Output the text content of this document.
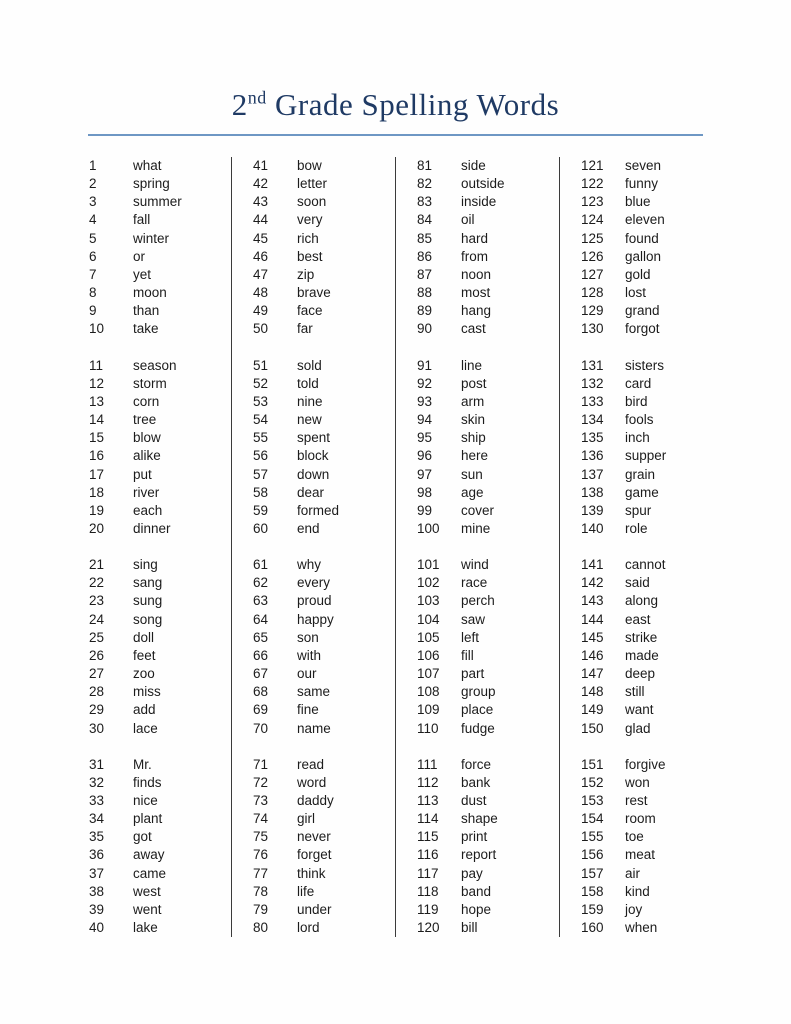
2nd Grade Spelling Words
1	what
2	spring
3	summer
4	fall
5	winter
6	or
7	yet
8	moon
9	than
10	take
11	season
12	storm
13	corn
14	tree
15	blow
16	alike
17	put
18	river
19	each
20	dinner
21	sing
22	sang
23	sung
24	song
25	doll
26	feet
27	zoo
28	miss
29	add
30	lace
31	Mr.
32	finds
33	nice
34	plant
35	got
36	away
37	came
38	west
39	went
40	lake
41	bow
42	letter
43	soon
44	very
45	rich
46	best
47	zip
48	brave
49	face
50	far
51	sold
52	told
53	nine
54	new
55	spent
56	block
57	down
58	dear
59	formed
60	end
61	why
62	every
63	proud
64	happy
65	son
66	with
67	our
68	same
69	fine
70	name
71	read
72	word
73	daddy
74	girl
75	never
76	forget
77	think
78	life
79	under
80	lord
81	side
82	outside
83	inside
84	oil
85	hard
86	from
87	noon
88	most
89	hang
90	cast
91	line
92	post
93	arm
94	skin
95	ship
96	here
97	sun
98	age
99	cover
100	mine
101	wind
102	race
103	perch
104	saw
105	left
106	fill
107	part
108	group
109	place
110	fudge
111	force
112	bank
113	dust
114	shape
115	print
116	report
117	pay
118	band
119	hope
120	bill
121	seven
122	funny
123	blue
124	eleven
125	found
126	gallon
127	gold
128	lost
129	grand
130	forgot
131	sisters
132	card
133	bird
134	fools
135	inch
136	supper
137	grain
138	game
139	spur
140	role
141	cannot
142	said
143	along
144	east
145	strike
146	made
147	deep
148	still
149	want
150	glad
151	forgive
152	won
153	rest
154	room
155	toe
156	meat
157	air
158	kind
159	joy
160	when
